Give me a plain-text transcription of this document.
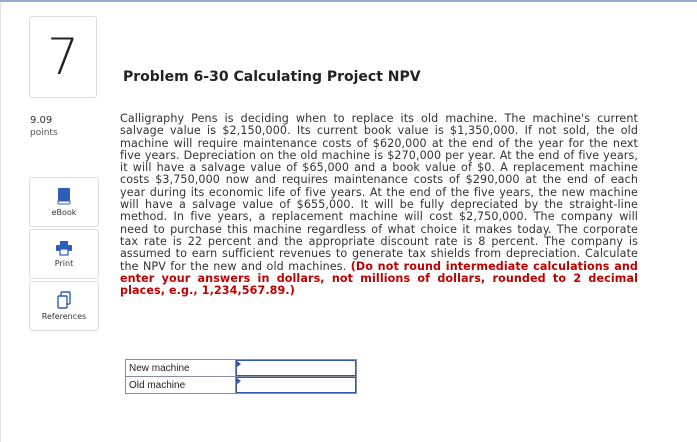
7
9.09
points
eBook
Print
References
Problem 6-30 Calculating Project NPV
Calligraphy Pens is deciding when to replace its old machine. The machine's current salvage value is $2,150,000. Its current book value is $1,350,000. If not sold, the old machine will require maintenance costs of $620,000 at the end of the year for the next five years. Depreciation on the old machine is $270,000 per year. At the end of five years, it will have a salvage value of $65,000 and a book value of $0. A replacement machine costs $3,750,000 now and requires maintenance costs of $290,000 at the end of each year during its economic life of five years. At the end of the five years, the new machine will have a salvage value of $655,000. It will be fully depreciated by the straight-line method. In five years, a replacement machine will cost $2,750,000. The company will need to purchase this machine regardless of what choice it makes today. The corporate tax rate is 22 percent and the appropriate discount rate is 8 percent. The company is assumed to earn sufficient revenues to generate tax shields from depreciation. Calculate the NPV for the new and old machines. (Do not round intermediate calculations and enter your answers in dollars, not millions of dollars, rounded to 2 decimal places, e.g., 1,234,567.89.)
New machine	

Old machine	
